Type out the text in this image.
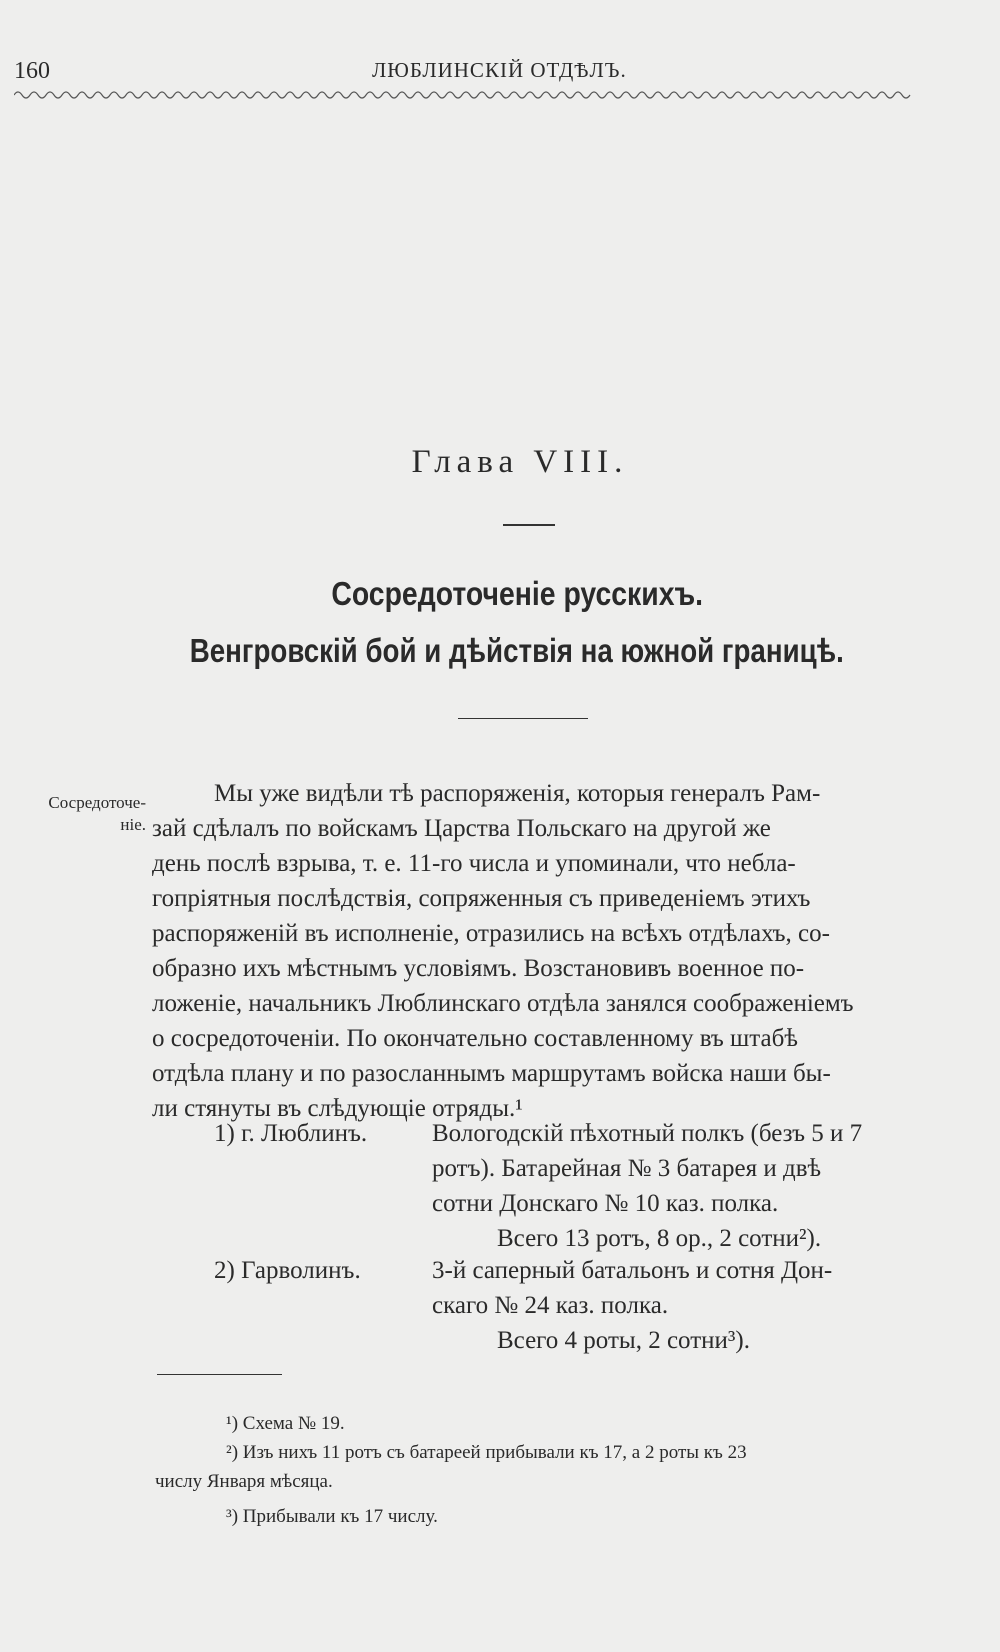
160	ЛЮБЛИНСКІЙ ОТДѢЛЪ.
Глава VIII.
Сосредоточеніе русскихъ.
Венгровскій бой и дѣйствія на южной границѣ.
Сосредоточе-ніе.
Мы уже видѣли тѣ распоряженія, которыя генералъ Рам-
зай сдѣлалъ по войскамъ Царства Польскаго на другой же
день послѣ взрыва, т. е. 11-го числа и упоминали, что небла-
гопріятныя послѣдствія, сопряженныя съ приведеніемъ этихъ
распоряженій въ исполненіе, отразились на всѣхъ отдѣлахъ, со-
образно ихъ мѣстнымъ условіямъ. Возстановивъ военное по-
ложеніе, начальникъ Люблинскаго отдѣла занялся соображеніемъ
о сосредоточеніи. По окончательно составленному въ штабѣ
отдѣла плану и по разосланнымъ маршрутамъ войска наши бы-
ли стянуты въ слѣдующіе отряды.¹
1) г. Люблинъ.	Вологодскій пѣхотный полкъ (безъ 5 и 7
ротъ). Батарейная № 3 батарея и двѣ
сотни Донскаго № 10 каз. полка.
Всего 13 ротъ, 8 ор., 2 сотни²).
2) Гарволинъ.	3-й саперный батальонъ и сотня Дон-
скаго № 24 каз. полка.
Всего 4 роты, 2 сотни³).
¹) Схема № 19.
²) Изъ нихъ 11 ротъ съ батареей прибывали къ 17, а 2 роты къ 23
числу Января мѣсяца.
³) Прибывали къ 17 числу.
